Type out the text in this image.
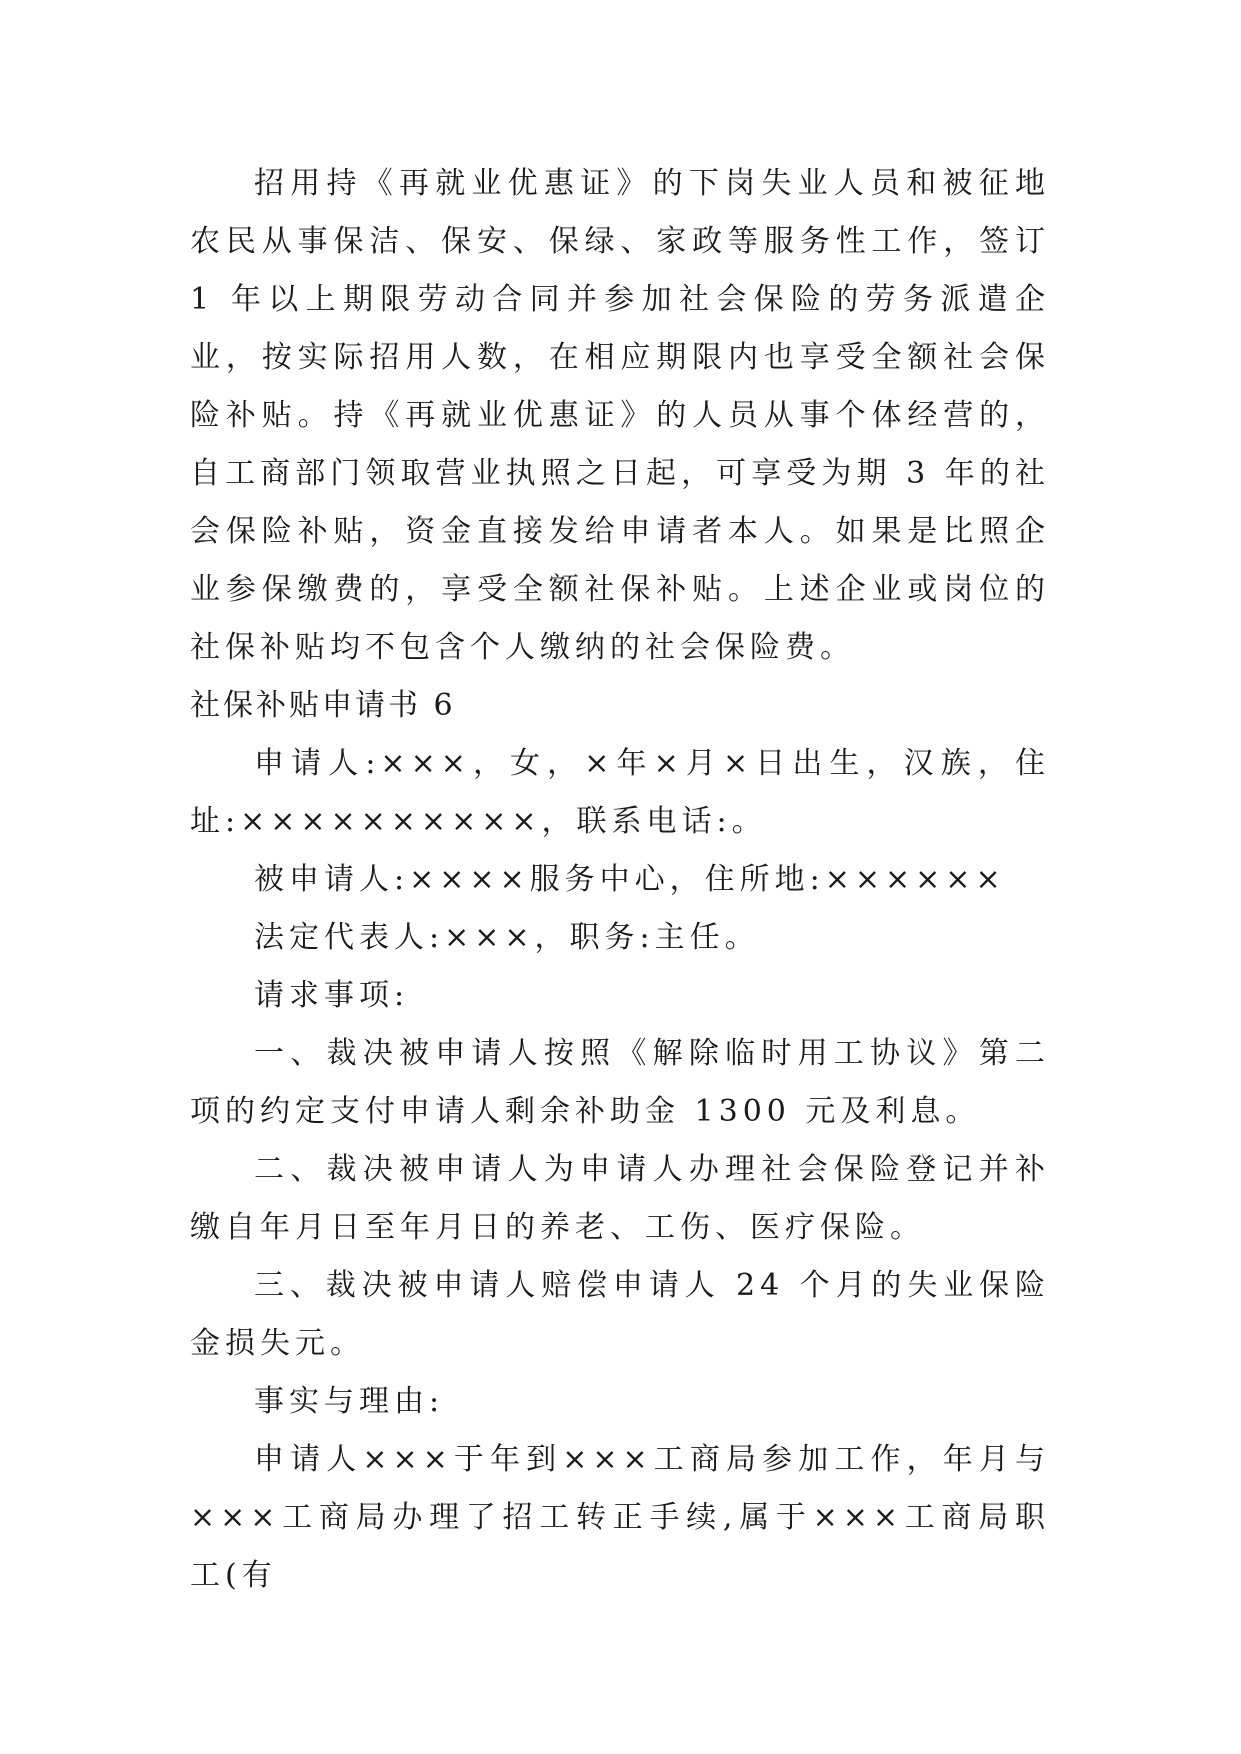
招用持《再就业优惠证》的下岗失业人员和被征地农民从事保洁、保安、保绿、家政等服务性工作，签订 1 年以上期限劳动合同并参加社会保险的劳务派遣企业，按实际招用人数，在相应期限内也享受全额社会保险补贴。持《再就业优惠证》的人员从事个体经营的，自工商部门领取营业执照之日起，可享受为期 3 年的社会保险补贴，资金直接发给申请者本人。如果是比照企业参保缴费的，享受全额社保补贴。上述企业或岗位的社保补贴均不包含个人缴纳的社会保险费。

社保补贴申请书 6

申请人:×××，女，×年×月×日出生，汉族，住址:××××××××××，联系电话:。

被申请人:××××服务中心，住所地:××××××

法定代表人:×××，职务:主任。

请求事项:

一、裁决被申请人按照《解除临时用工协议》第二项的约定支付申请人剩余补助金 1300 元及利息。

二、裁决被申请人为申请人办理社会保险登记并补缴自年月日至年月日的养老、工伤、医疗保险。

三、裁决被申请人赔偿申请人 24 个月的失业保险金损失元。

事实与理由:

申请人×××于年到×××工商局参加工作，年月与×××工商局办理了招工转正手续,属于×××工商局职工(有
